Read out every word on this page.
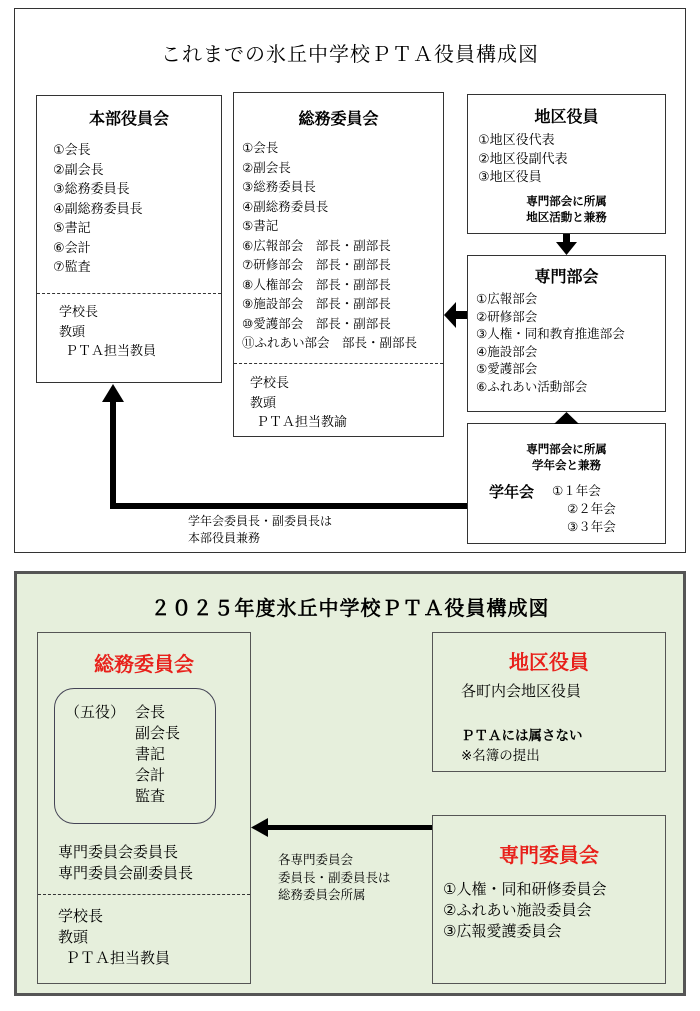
これまでの氷丘中学校ＰＴＡ役員構成図
本部役員会
①会長
②副会長
③総務委員長
④副総務委員長
⑤書記
⑥会計
⑦監査
学校長
教頭
ＰＴＡ担当教員
総務委員会
①会長
②副会長
③総務委員長
④副総務委員長
⑤書記
⑥広報部会　部長・副部長
⑦研修部会　部長・副部長
⑧人権部会　部長・副部長
⑨施設部会　部長・副部長
⑩愛護部会　部長・副部長
⑪ふれあい部会　部長・副部長
学校長
教頭
ＰＴＡ担当教諭
地区役員
①地区役代表
②地区役副代表
③地区役員
専門部会に所属
地区活動と兼務
専門部会
①広報部会
②研修部会
③人権・同和教育推進部会
④施設部会
⑤愛護部会
⑥ふれあい活動部会
専門部会に所属
学年会と兼務
学年会 ①１年会
②２年会
③３年会
学年会委員長・副委員長は
本部役員兼務
２０２５年度氷丘中学校ＰＴＡ役員構成図
総務委員会
（五役） 会長
副会長
書記
会計
監査
専門委員会委員長
専門委員会副委員長
学校長
教頭
ＰＴＡ担当教員
地区役員
各町内会地区役員
ＰＴＡには属さない
※名簿の提出
専門委員会
①人権・同和研修委員会
②ふれあい施設委員会
③広報愛護委員会
各専門委員会
委員長・副委員長は
総務委員会所属
